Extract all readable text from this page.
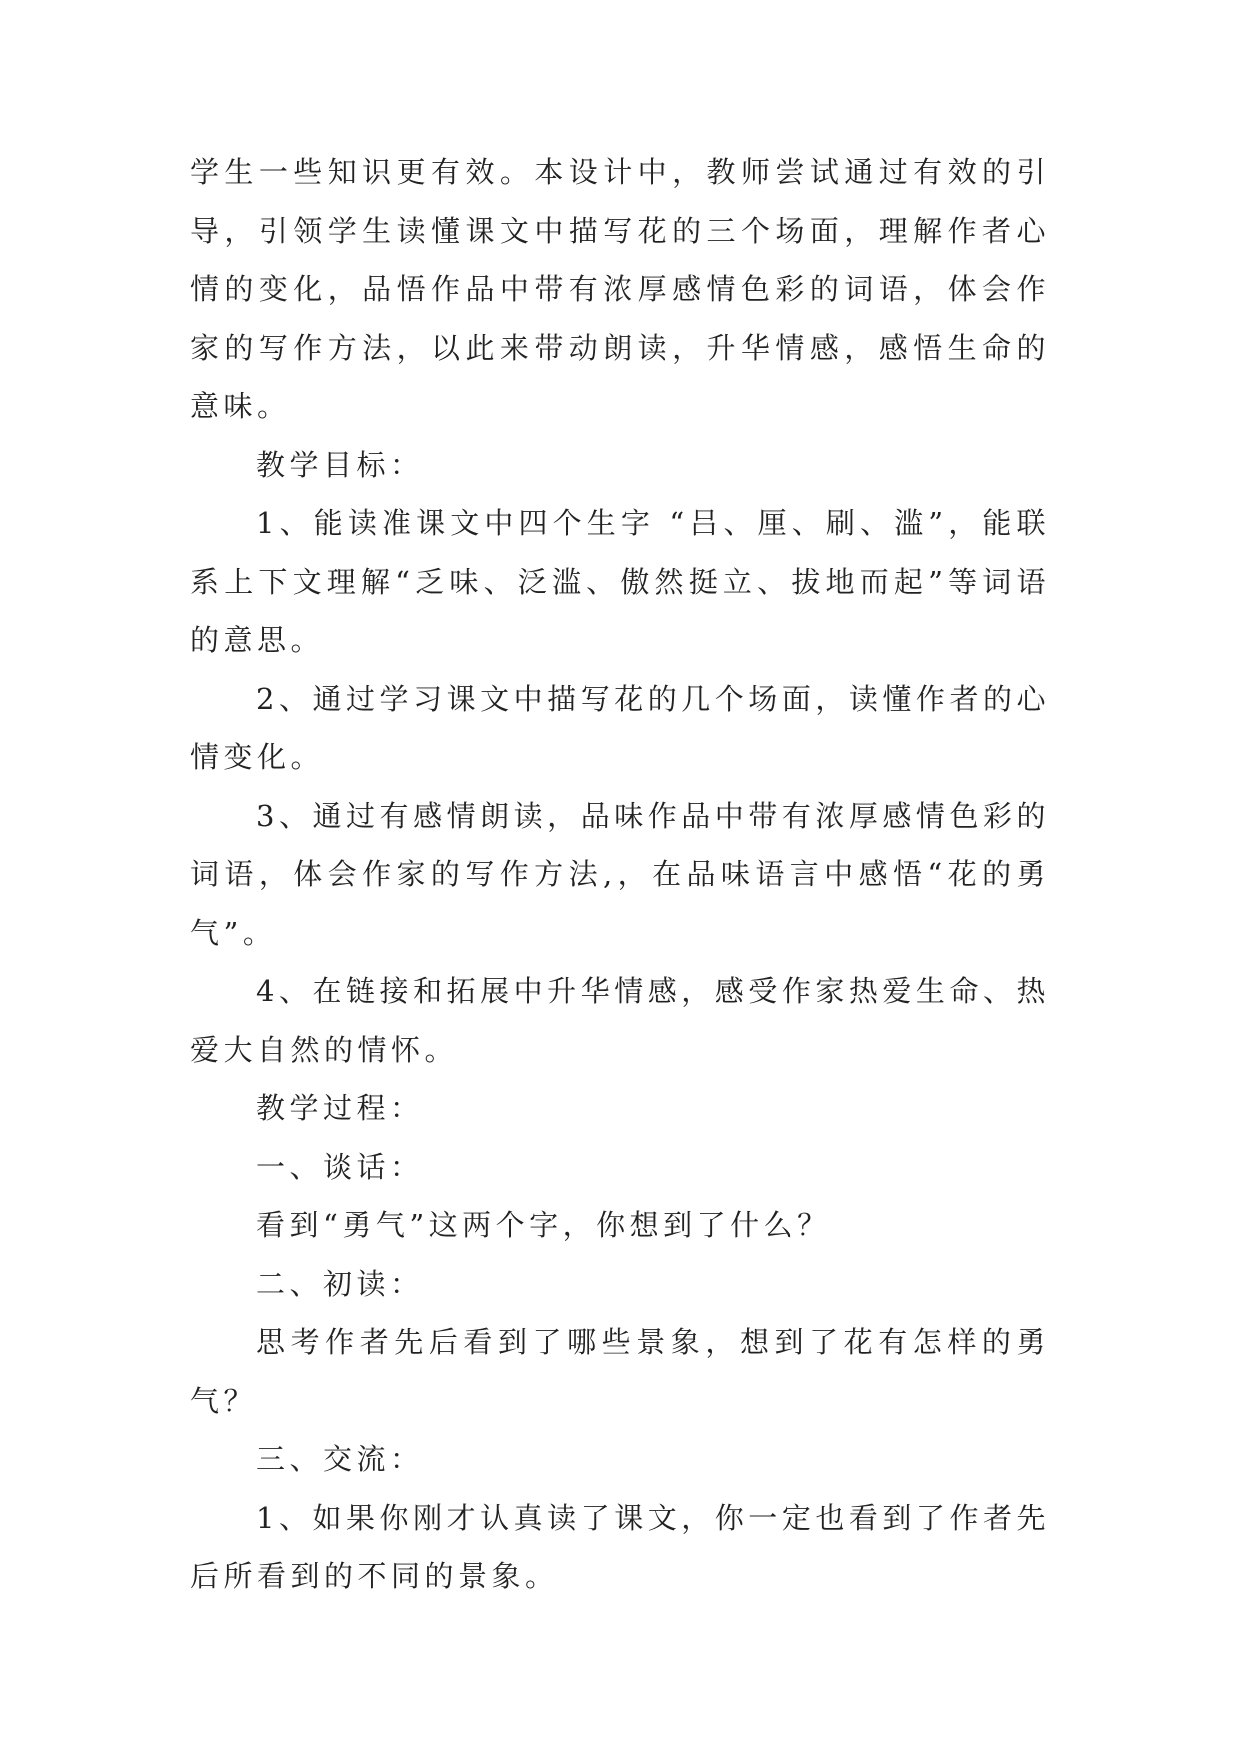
学生一些知识更有效。本设计中，教师尝试通过有效的引导，引领学生读懂课文中描写花的三个场面，理解作者心情的变化，品悟作品中带有浓厚感情色彩的词语，体会作家的写作方法，以此来带动朗读，升华情感，感悟生命的意味。

教学目标：

1、能读准课文中四个生字 “吕、厘、刷、滥”，能联系上下文理解“乏味、泛滥、傲然挺立、拔地而起”等词语的意思。

2、通过学习课文中描写花的几个场面，读懂作者的心情变化。

3、通过有感情朗读，品味作品中带有浓厚感情色彩的词语，体会作家的写作方法,，在品味语言中感悟“花的勇气”。

4、在链接和拓展中升华情感，感受作家热爱生命、热爱大自然的情怀。

教学过程：

一、谈话：

看到“勇气”这两个字，你想到了什么？

二、初读：

思考作者先后看到了哪些景象，想到了花有怎样的勇气？

三、交流：

1、如果你刚才认真读了课文，你一定也看到了作者先后所看到的不同的景象。
